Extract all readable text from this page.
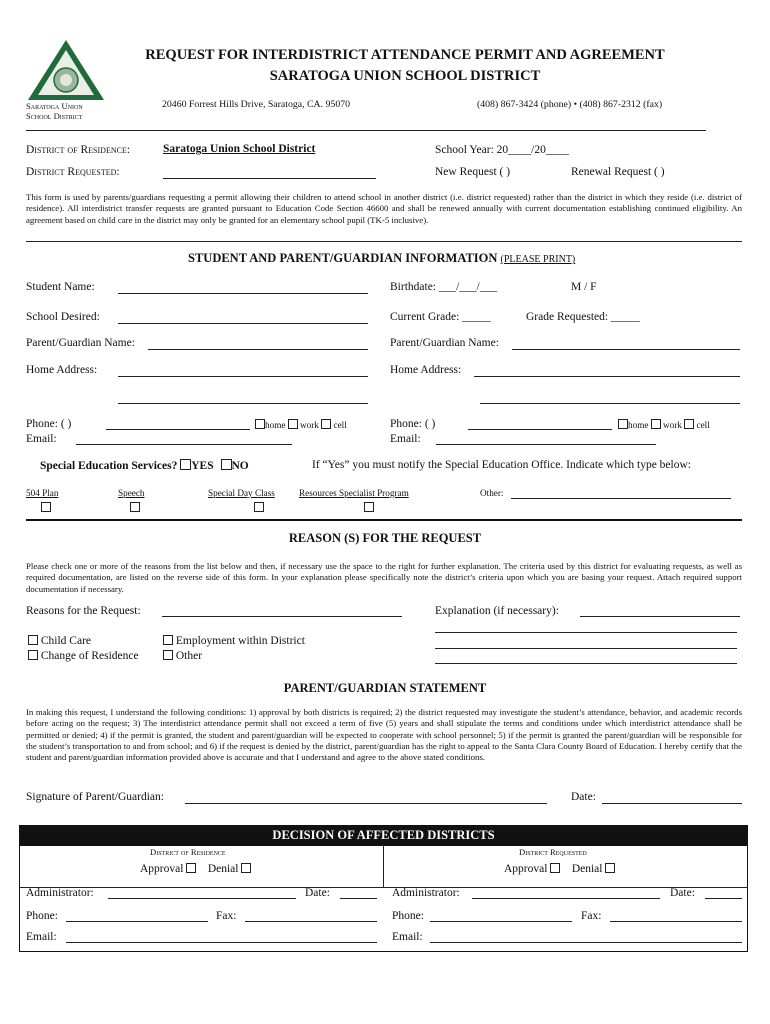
Saratoga Union
School District
REQUEST FOR INTERDISTRICT ATTENDANCE PERMIT AND AGREEMENT
SARATOGA UNION SCHOOL DISTRICT
20460 Forrest Hills Drive, Saratoga, CA. 95070	(408) 867-3424 (phone) • (408) 867-2312 (fax)
District of Residence:	Saratoga Union School District	School Year: 20____/20____
District Requested:	New Request ( )	Renewal Request ( )
This form is used by parents/guardians requesting a permit allowing their children to attend school in another district (i.e. district requested) rather than the district in which they reside (i.e. district of residence). All interdistrict transfer requests are granted pursuant to Education Code Section 46600 and shall be renewed annually with current documentation establishing continued eligibility. An agreement based on child care in the district may only be granted for an elementary school pupil (TK-5 inclusive).
STUDENT AND PARENT/GUARDIAN INFORMATION (PLEASE PRINT)
Student Name:	Birthdate: ___/___/___	M / F
School Desired:	Current Grade: _____	Grade Requested: _____
Parent/Guardian Name:	Parent/Guardian Name:
Home Address:	Home Address:
Phone: ( )	home work cell
Email:
Phone: ( )	home work cell
Email:
Special Education Services? YES NO	If “Yes” you must notify the Special Education Office. Indicate which type below:
504 Plan	Speech	Special Day Class	Resources Specialist Program	Other:
REASON (S) FOR THE REQUEST
Please check one or more of the reasons from the list below and then, if necessary use the space to the right for further explanation. The criteria used by this district for evaluating requests, as well as required documentation, are listed on the reverse side of this form. In your explanation please specifically note the district’s criteria upon which you are basing your request. Attach required support documentation if necessary.
Reasons for the Request:	Explanation (if necessary):
Child Care
Change of Residence
Employment within District
Other
PARENT/GUARDIAN STATEMENT
In making this request, I understand the following conditions: 1) approval by both districts is required; 2) the district requested may investigate the student’s attendance, behavior, and academic records before acting on the request; 3) The interdistrict attendance permit shall not exceed a term of five (5) years and shall stipulate the terms and conditions under which interdistrict attendance shall be permitted or denied; 4) if the permit is granted, the student and parent/guardian will be expected to cooperate with school personnel; 5) if the permit is granted the parent/guardian will be responsible for the student’s transportation to and from school; and 6) if the request is denied by the district, parent/guardian has the right to appeal to the Santa Clara County Board of Education. I hereby certify that the student and parent/guardian information provided above is accurate and that I understand and agree to the above stated conditions.
Signature of Parent/Guardian:	Date:
DECISION OF AFFECTED DISTRICTS
District of Residence	District Requested
Approval Denial	Approval Denial
Administrator:	Date:
Phone:	Fax:
Email:
Administrator:	Date:
Phone:	Fax:
Email:
